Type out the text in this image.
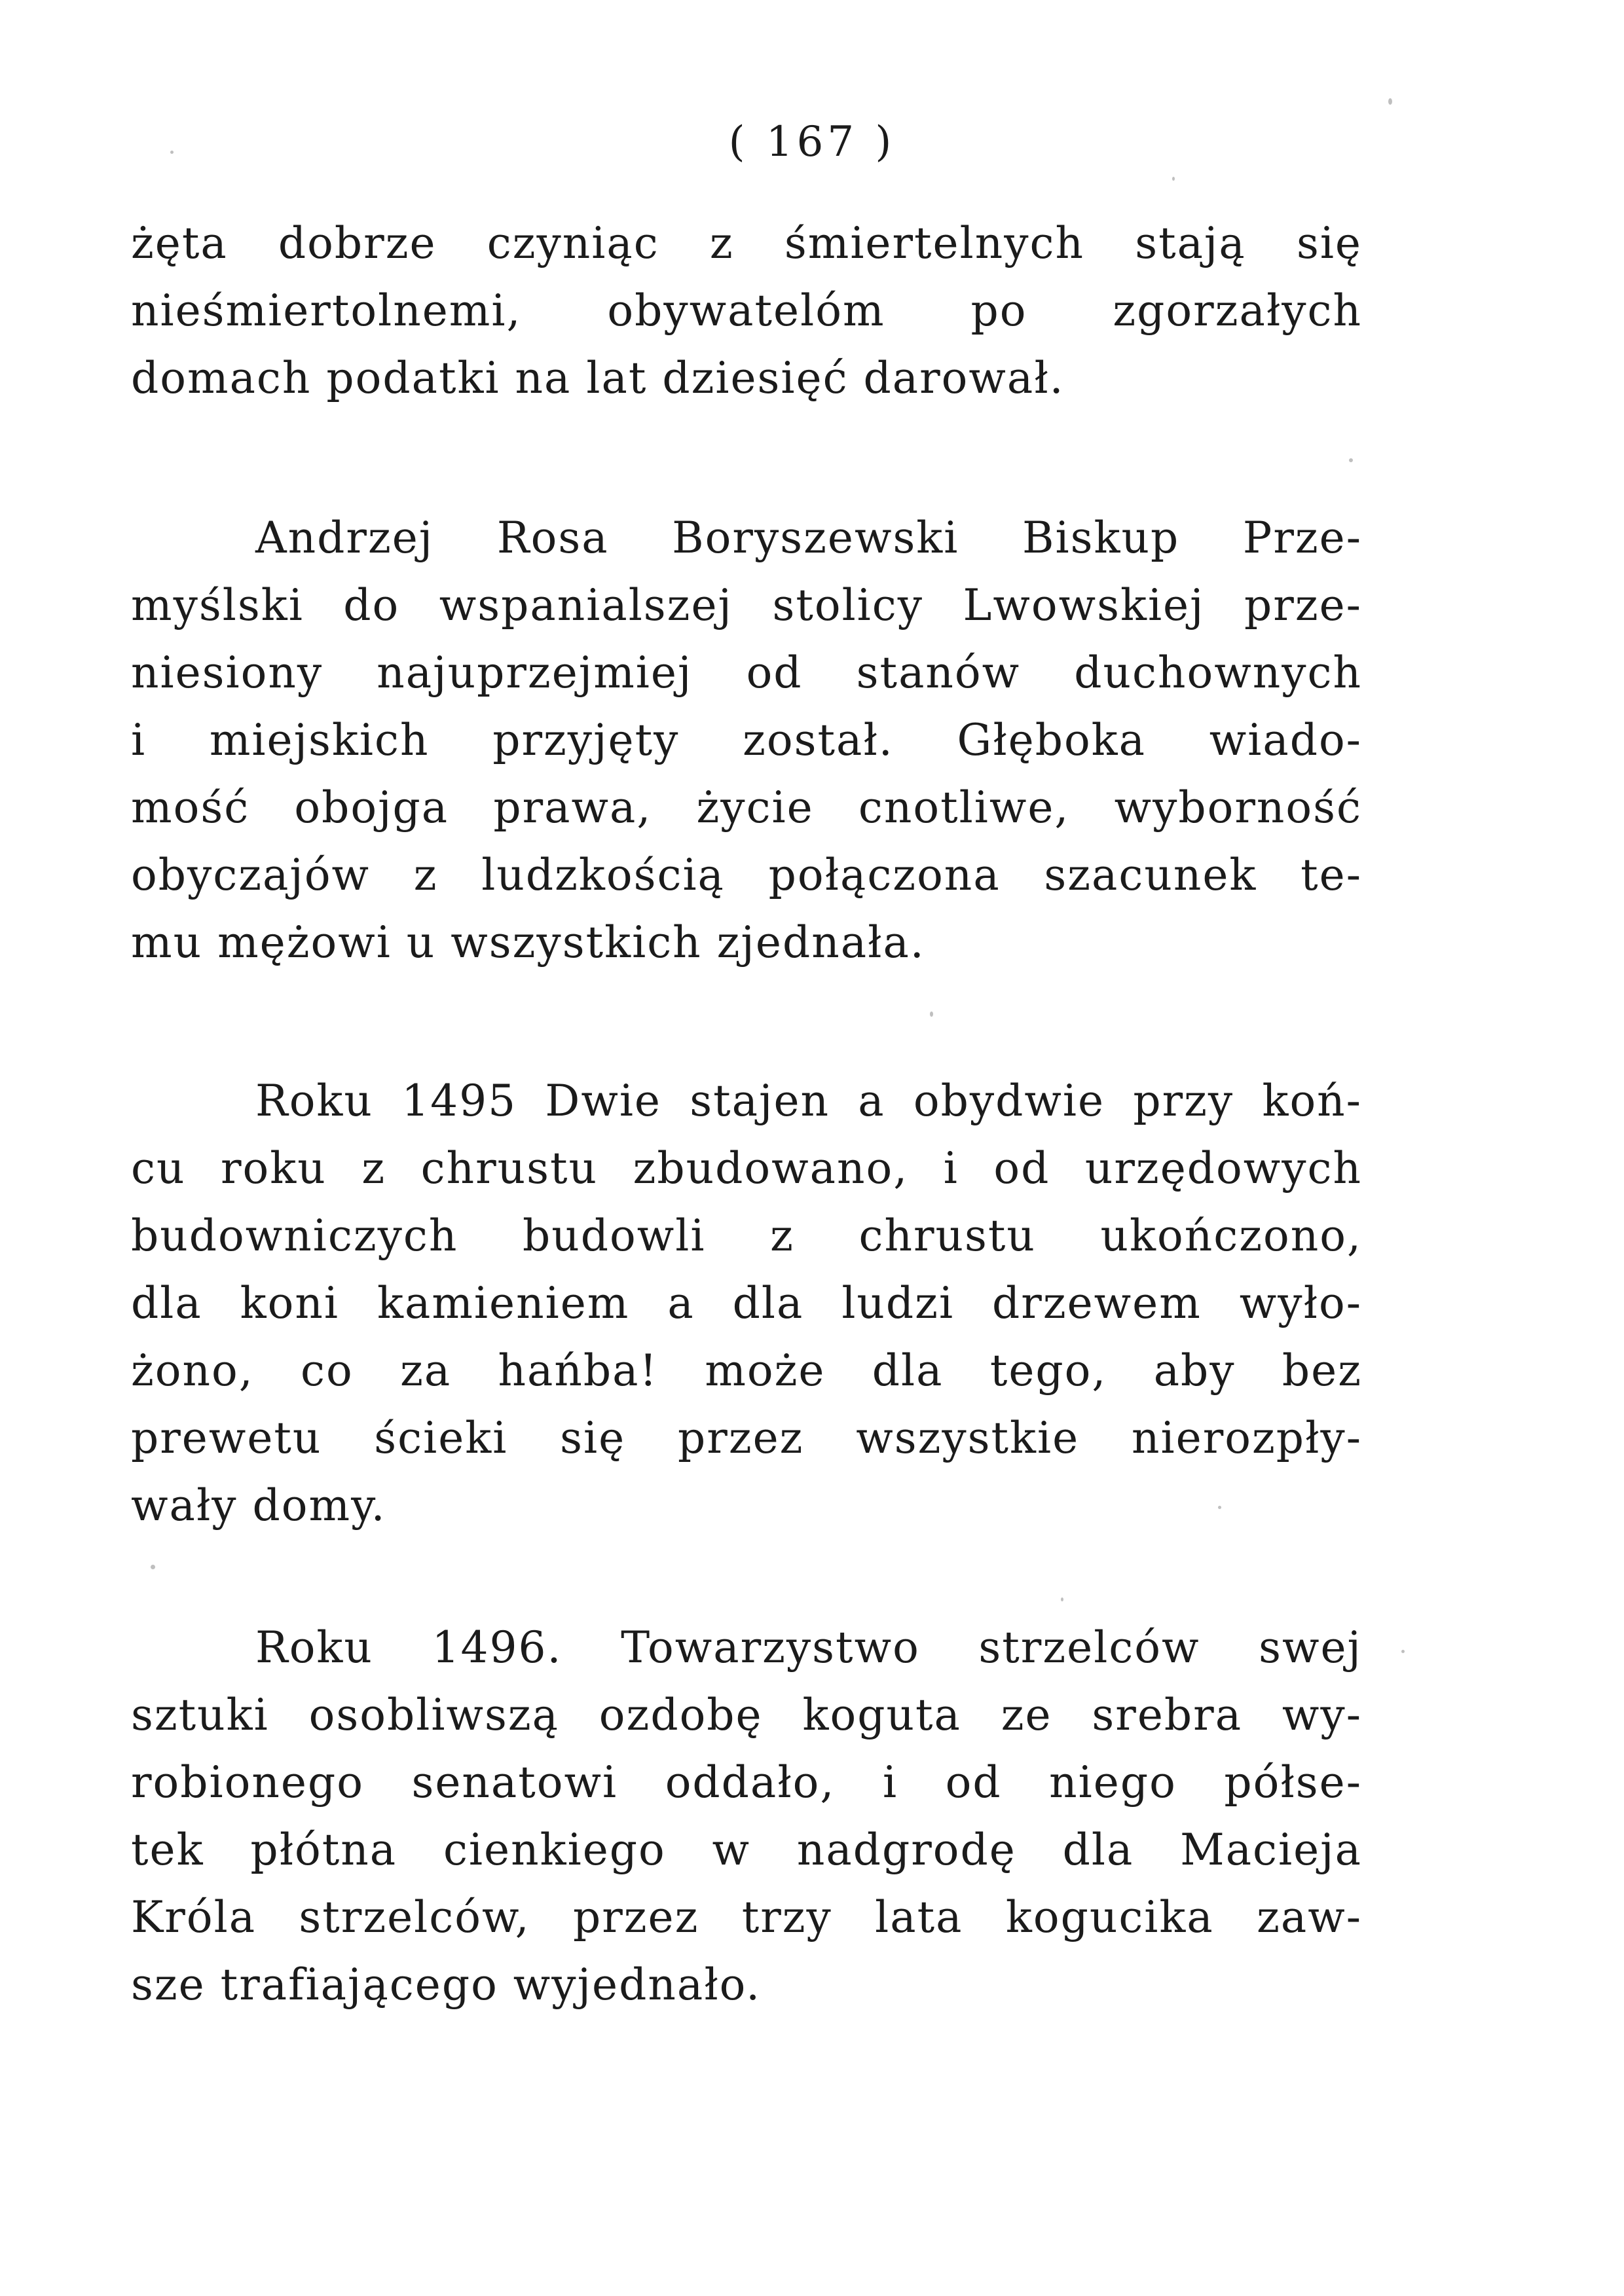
( 167 )
żęta dobrze czyniąc z śmiertelnych stają się
nieśmiertolnemi, obywatelóm po zgorzałych
domach podatki na lat dziesięć darował.
Andrzej Rosa Boryszewski Biskup Prze-
myślski do wspanialszej stolicy Lwowskiej prze-
niesiony najuprzejmiej od stanów duchownych
i miejskich przyjęty został. Głęboka wiado-
mość obojga prawa, życie cnotliwe, wyborność
obyczajów z ludzkością połączona szacunek te-
mu mężowi u wszystkich zjednała.
Roku 1495 Dwie stajen a obydwie przy koń-
cu roku z chrustu zbudowano, i od urzędowych
budowniczych budowli z chrustu ukończono,
dla koni kamieniem a dla ludzi drzewem wyło-
żono, co za hańba! może dla tego, aby bez
prewetu ścieki się przez wszystkie nierozpły-
wały domy.
Roku 1496. Towarzystwo strzelców swej
sztuki osobliwszą ozdobę koguta ze srebra wy-
robionego senatowi oddało, i od niego półse-
tek płótna cienkiego w nadgrodę dla Macieja
Króla strzelców, przez trzy lata kogucika zaw-
sze trafiającego wyjednało.
